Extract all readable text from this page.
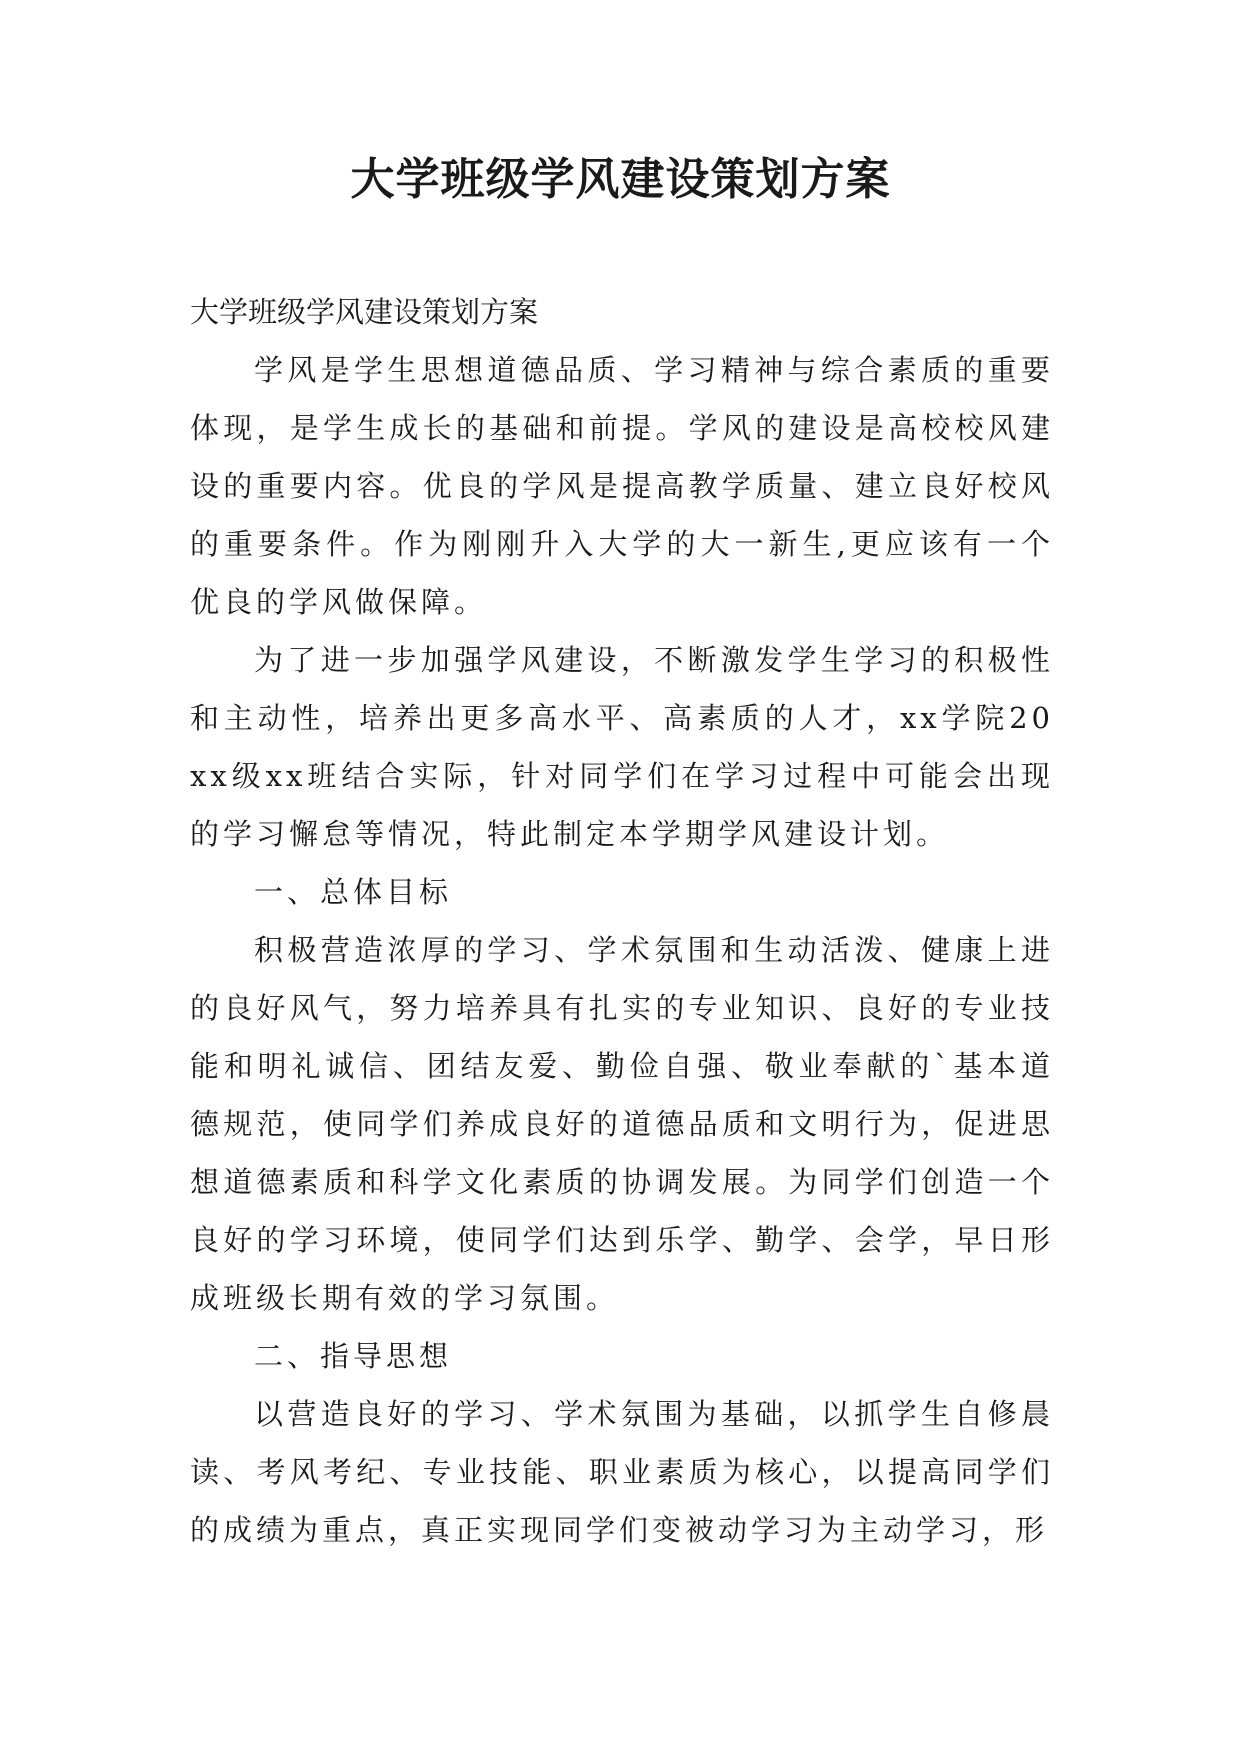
大学班级学风建设策划方案

大学班级学风建设策划方案

学风是学生思想道德品质、学习精神与综合素质的重要体现，是学生成长的基础和前提。学风的建设是高校校风建设的重要内容。优良的学风是提高教学质量、建立良好校风的重要条件。作为刚刚升入大学的大一新生,更应该有一个优良的学风做保障。

为了进一步加强学风建设，不断激发学生学习的积极性和主动性，培养出更多高水平、高素质的人才，xx学院20xx级xx班结合实际，针对同学们在学习过程中可能会出现的学习懈怠等情况，特此制定本学期学风建设计划。

一、总体目标

积极营造浓厚的学习、学术氛围和生动活泼、健康上进的良好风气，努力培养具有扎实的专业知识、良好的专业技能和明礼诚信、团结友爱、勤俭自强、敬业奉献的`基本道德规范，使同学们养成良好的道德品质和文明行为，促进思想道德素质和科学文化素质的协调发展。为同学们创造一个良好的学习环境，使同学们达到乐学、勤学、会学，早日形成班级长期有效的学习氛围。

二、指导思想

以营造良好的学习、学术氛围为基础，以抓学生自修晨读、考风考纪、专业技能、职业素质为核心，以提高同学们的成绩为重点，真正实现同学们变被动学习为主动学习，形
